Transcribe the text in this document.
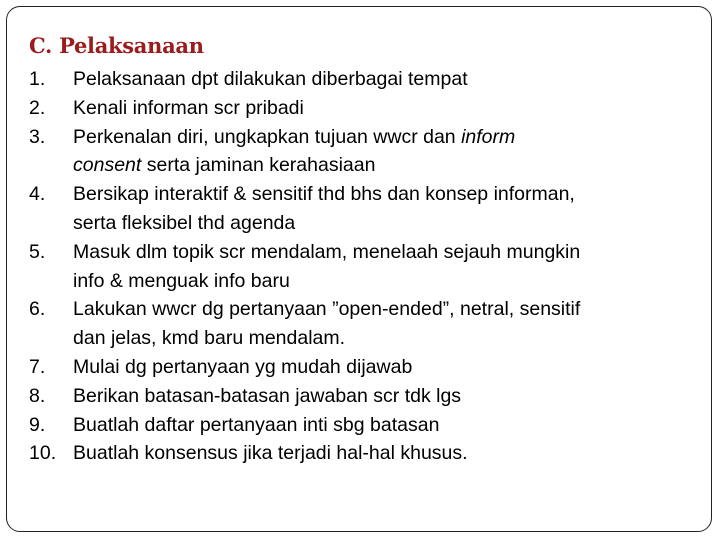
C. Pelaksanaan
1.	Pelaksanaan dpt dilakukan diberbagai tempat
2.	Kenali informan scr pribadi
3.	Perkenalan diri, ungkapkan tujuan wwcr dan inform
consent serta jaminan kerahasiaan
4.	Bersikap interaktif & sensitif thd bhs dan konsep informan,
serta fleksibel thd agenda
5.	Masuk dlm topik scr mendalam, menelaah sejauh mungkin
info & menguak info baru
6.	Lakukan wwcr dg pertanyaan ”open-ended”, netral, sensitif
dan jelas, kmd baru mendalam.
7.	Mulai dg pertanyaan yg mudah dijawab
8.	Berikan batasan-batasan jawaban scr tdk lgs
9.	Buatlah daftar pertanyaan inti sbg batasan
10. Buatlah konsensus jika terjadi hal-hal khusus.
